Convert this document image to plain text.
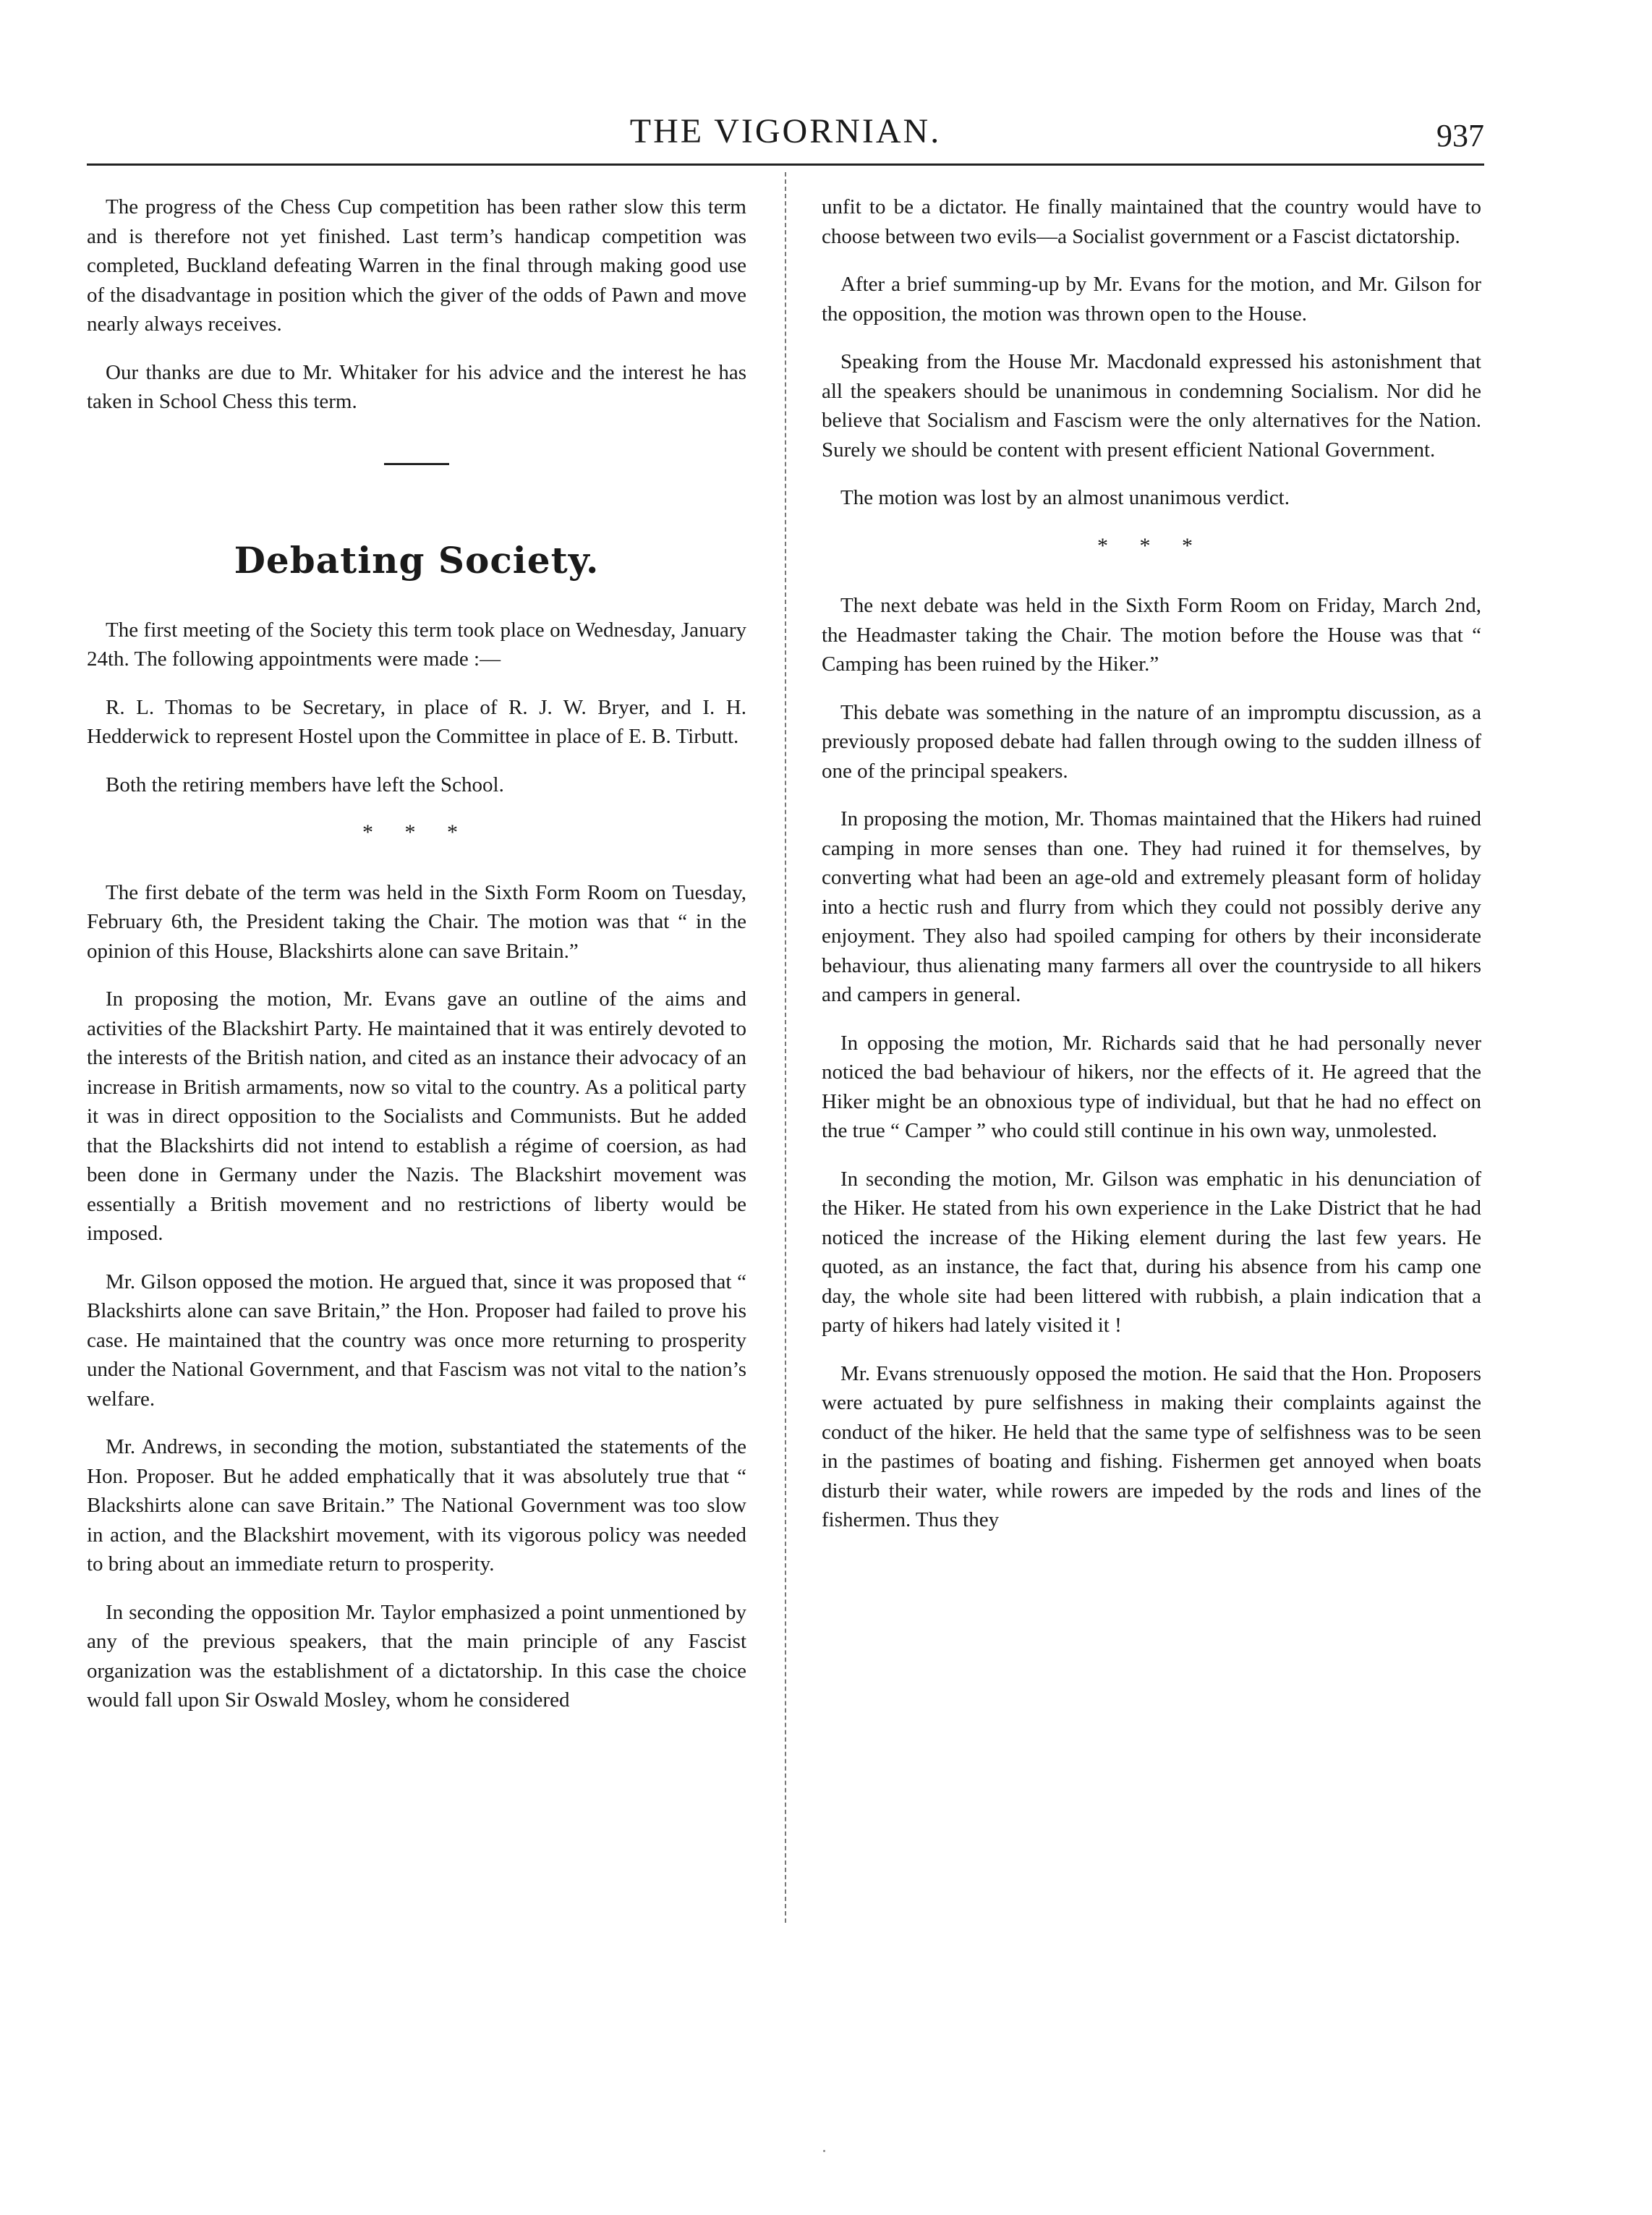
THE VIGORNIAN.	937

The progress of the Chess Cup competition has been rather slow this term and is therefore not yet finished. Last term’s handicap competition was completed, Buckland defeating Warren in the final through making good use of the disadvantage in position which the giver of the odds of Pawn and move nearly always receives.

Our thanks are due to Mr. Whitaker for his advice and the interest he has taken in School Chess this term.

Debating Society.

The first meeting of the Society this term took place on Wednesday, January 24th. The following appointments were made :—

R. L. Thomas to be Secretary, in place of R. J. W. Bryer, and I. H. Hedderwick to represent Hostel upon the Committee in place of E. B. Tirbutt.

Both the retiring members have left the School.

* * *

The first debate of the term was held in the Sixth Form Room on Tuesday, February 6th, the President taking the Chair. The motion was that “ in the opinion of this House, Blackshirts alone can save Britain.”

In proposing the motion, Mr. Evans gave an outline of the aims and activities of the Blackshirt Party. He maintained that it was entirely devoted to the interests of the British nation, and cited as an instance their advocacy of an increase in British armaments, now so vital to the country. As a political party it was in direct opposition to the Socialists and Communists. But he added that the Blackshirts did not intend to establish a régime of coersion, as had been done in Germany under the Nazis. The Blackshirt movement was essentially a British movement and no restrictions of liberty would be imposed.

Mr. Gilson opposed the motion. He argued that, since it was proposed that “ Blackshirts alone can save Britain,” the Hon. Proposer had failed to prove his case. He maintained that the country was once more returning to prosperity under the National Government, and that Fascism was not vital to the nation’s welfare.

Mr. Andrews, in seconding the motion, substantiated the statements of the Hon. Proposer. But he added emphatically that it was absolutely true that “ Blackshirts alone can save Britain.” The National Government was too slow in action, and the Blackshirt movement, with its vigorous policy was needed to bring about an immediate return to prosperity.

In seconding the opposition Mr. Taylor emphasized a point unmentioned by any of the previous speakers, that the main principle of any Fascist organization was the establishment of a dictatorship. In this case the choice would fall upon Sir Oswald Mosley, whom he considered

unfit to be a dictator. He finally maintained that the country would have to choose between two evils—a Socialist government or a Fascist dictatorship.

After a brief summing-up by Mr. Evans for the motion, and Mr. Gilson for the opposition, the motion was thrown open to the House.

Speaking from the House Mr. Macdonald expressed his astonishment that all the speakers should be unanimous in condemning Socialism. Nor did he believe that Socialism and Fascism were the only alternatives for the Nation. Surely we should be content with present efficient National Government.

The motion was lost by an almost unanimous verdict.

* * *

The next debate was held in the Sixth Form Room on Friday, March 2nd, the Headmaster taking the Chair. The motion before the House was that “ Camping has been ruined by the Hiker.”

This debate was something in the nature of an impromptu discussion, as a previously proposed debate had fallen through owing to the sudden illness of one of the principal speakers.

In proposing the motion, Mr. Thomas maintained that the Hikers had ruined camping in more senses than one. They had ruined it for themselves, by converting what had been an age-old and extremely pleasant form of holiday into a hectic rush and flurry from which they could not possibly derive any enjoyment. They also had spoiled camping for others by their inconsiderate behaviour, thus alienating many farmers all over the countryside to all hikers and campers in general.

In opposing the motion, Mr. Richards said that he had personally never noticed the bad behaviour of hikers, nor the effects of it. He agreed that the Hiker might be an obnoxious type of individual, but that he had no effect on the true “ Camper ” who could still continue in his own way, unmolested.

In seconding the motion, Mr. Gilson was emphatic in his denunciation of the Hiker. He stated from his own experience in the Lake District that he had noticed the increase of the Hiking element during the last few years. He quoted, as an instance, the fact that, during his absence from his camp one day, the whole site had been littered with rubbish, a plain indication that a party of hikers had lately visited it !

Mr. Evans strenuously opposed the motion. He said that the Hon. Proposers were actuated by pure selfishness in making their complaints against the conduct of the hiker. He held that the same type of selfishness was to be seen in the pastimes of boating and fishing. Fishermen get annoyed when boats disturb their water, while rowers are impeded by the rods and lines of the fishermen. Thus they
